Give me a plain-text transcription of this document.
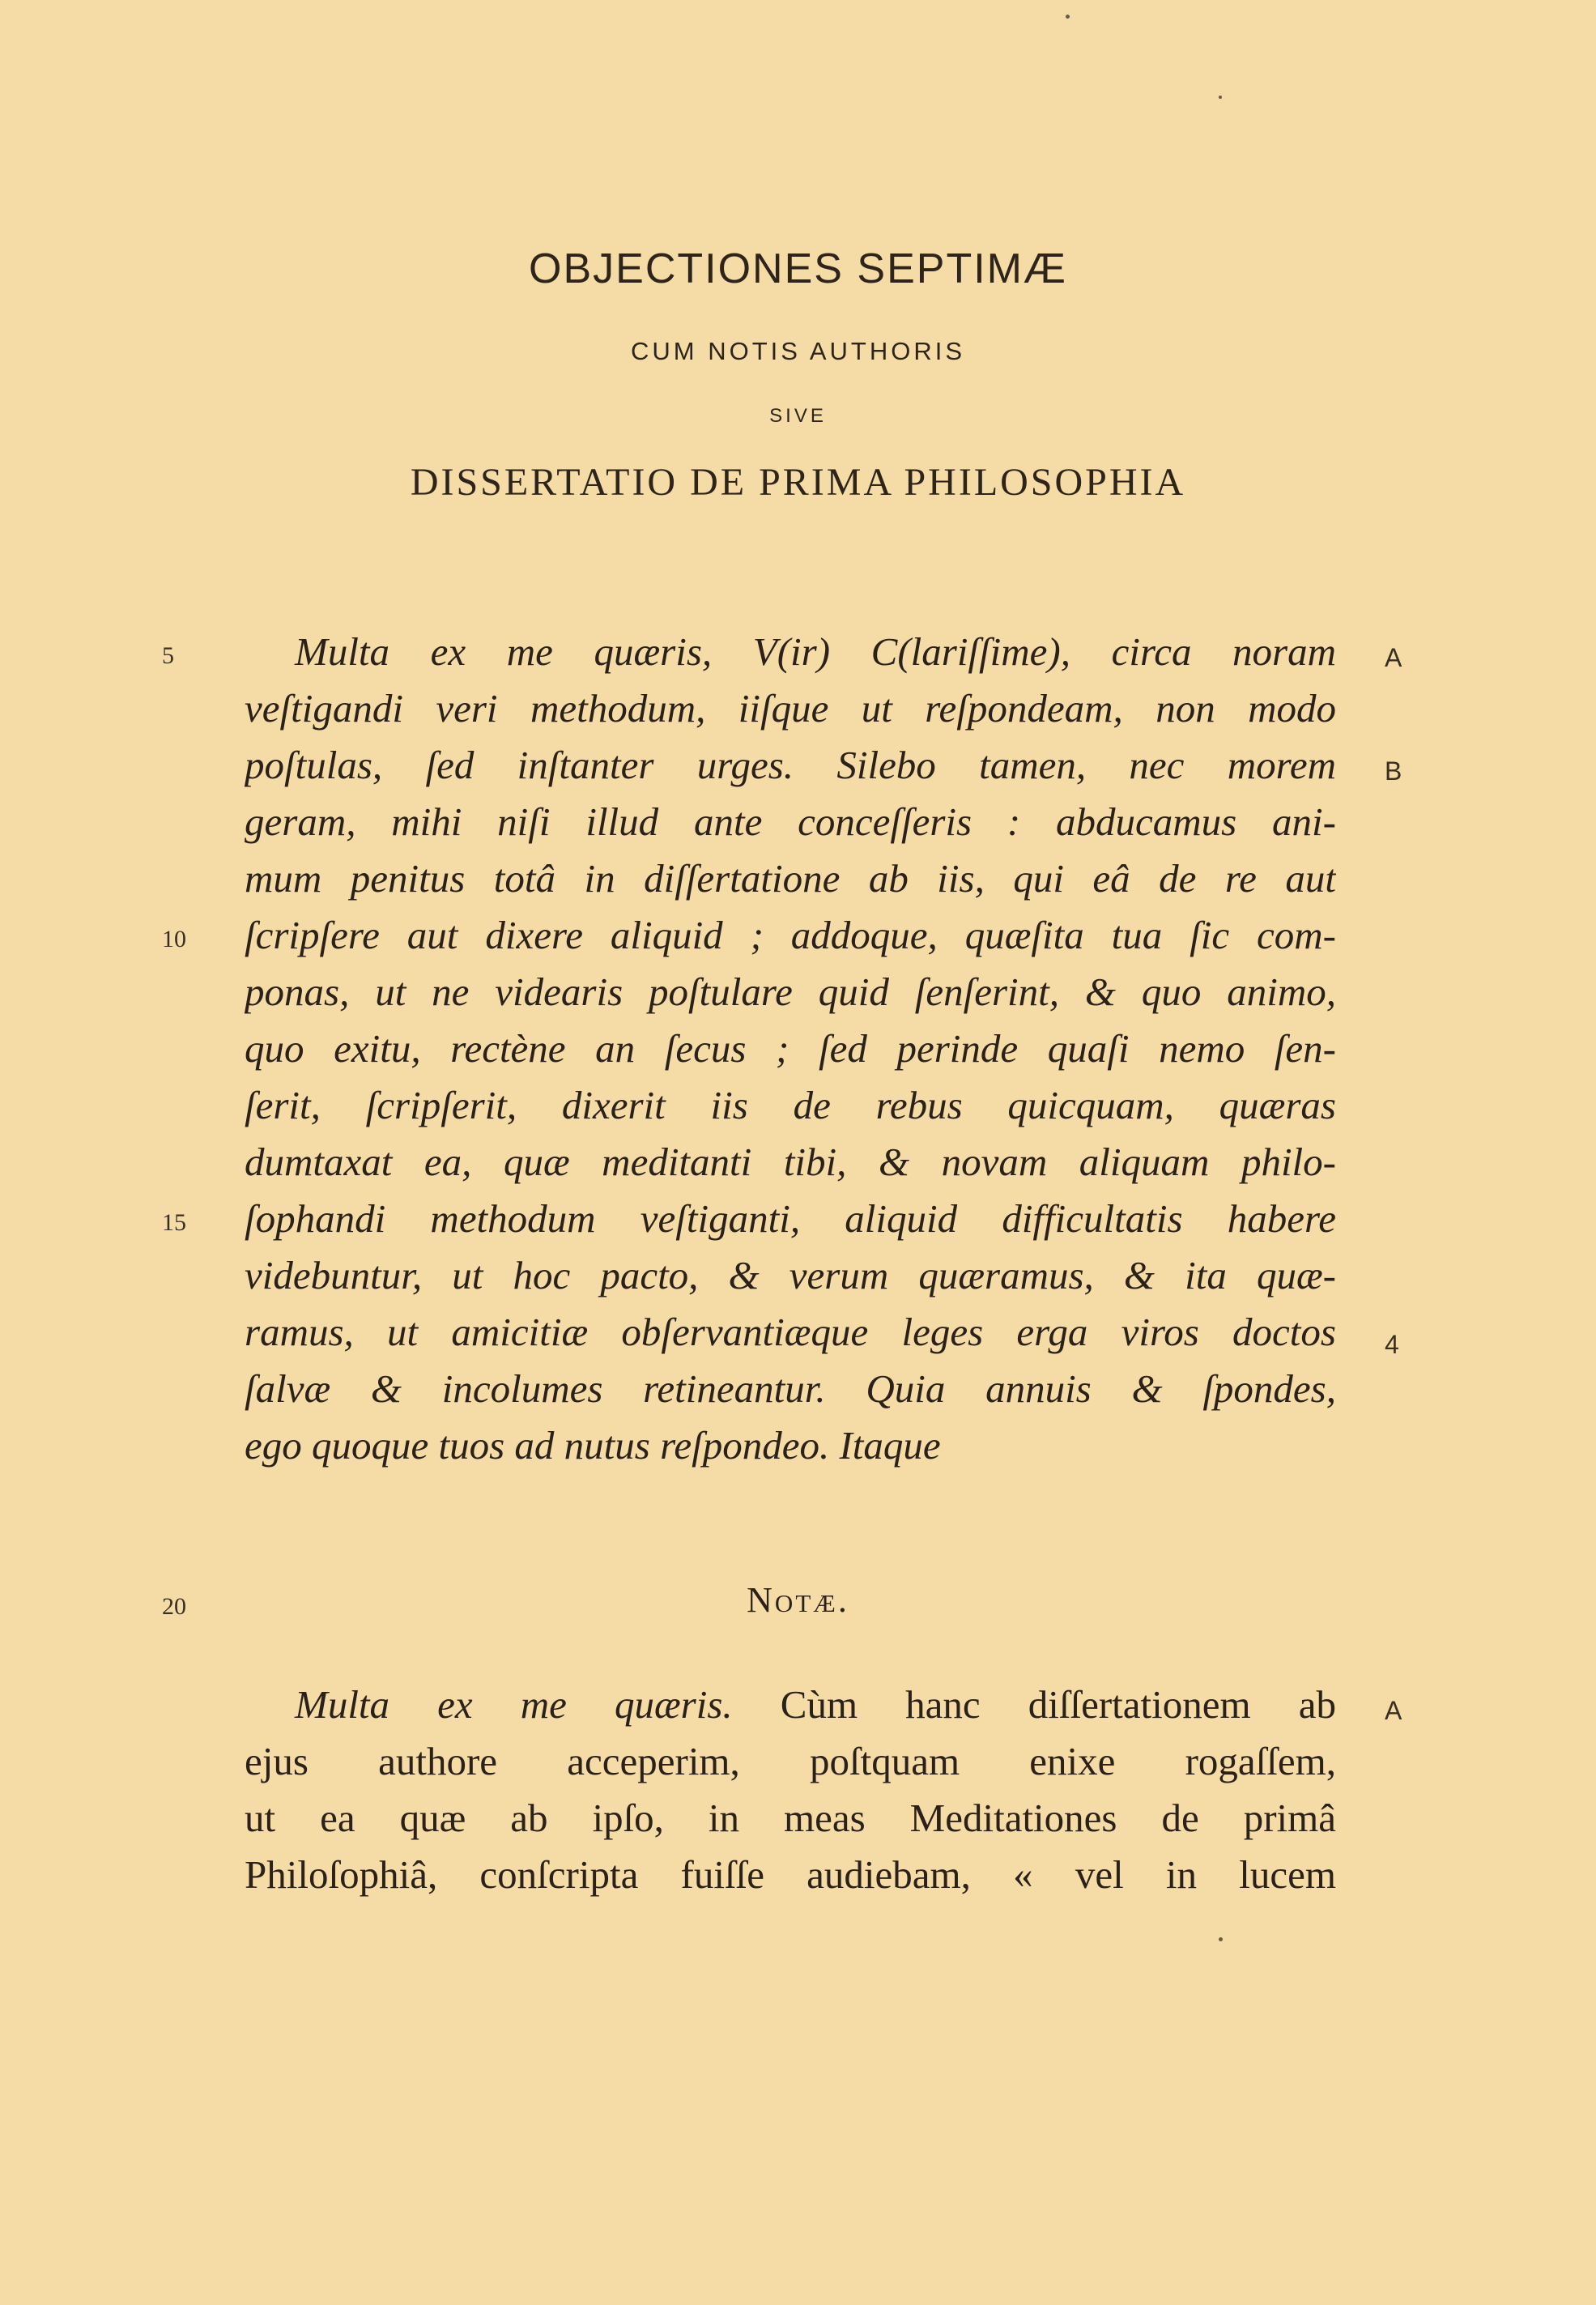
OBJECTIONES SEPTIMÆ
CUM NOTIS AUTHORIS
SIVE
DISSERTATIO DE PRIMA PHILOSOPHIA
Multa ex me quæris, V(ir) C(lariſſime), circa noram
veſtigandi veri methodum, iiſque ut reſpondeam, non modo
poſtulas, ſed inſtanter urges. Silebo tamen, nec morem
geram, mihi niſi illud ante conceſſeris : abducamus ani-
mum penitus totâ in diſſertatione ab iis, qui eâ de re aut
ſcripſere aut dixere aliquid ; addoque, quæſita tua ſic com-
ponas, ut ne videaris poſtulare quid ſenſerint, & quo animo,
quo exitu, rectène an ſecus ; ſed perinde quaſi nemo ſen-
ſerit, ſcripſerit, dixerit iis de rebus quicquam, quæras
dumtaxat ea, quæ meditanti tibi, & novam aliquam philo-
ſophandi methodum veſtiganti, aliquid difficultatis habere
videbuntur, ut hoc pacto, & verum quæramus, & ita quæ-
ramus, ut amicitiæ obſervantiæque leges erga viros doctos
ſalvæ & incolumes retineantur. Quia annuis & ſpondes,
ego quoque tuos ad nutus reſpondeo. Itaque
5
10
15
20
A
B
4
Notæ.
Multa ex me quæris. Cùm hanc diſſertationem ab
ejus authore acceperim, poſtquam enixe rogaſſem,
ut ea quæ ab ipſo, in meas Meditationes de primâ
Philoſophiâ, conſcripta fuiſſe audiebam, « vel in lucem
A
